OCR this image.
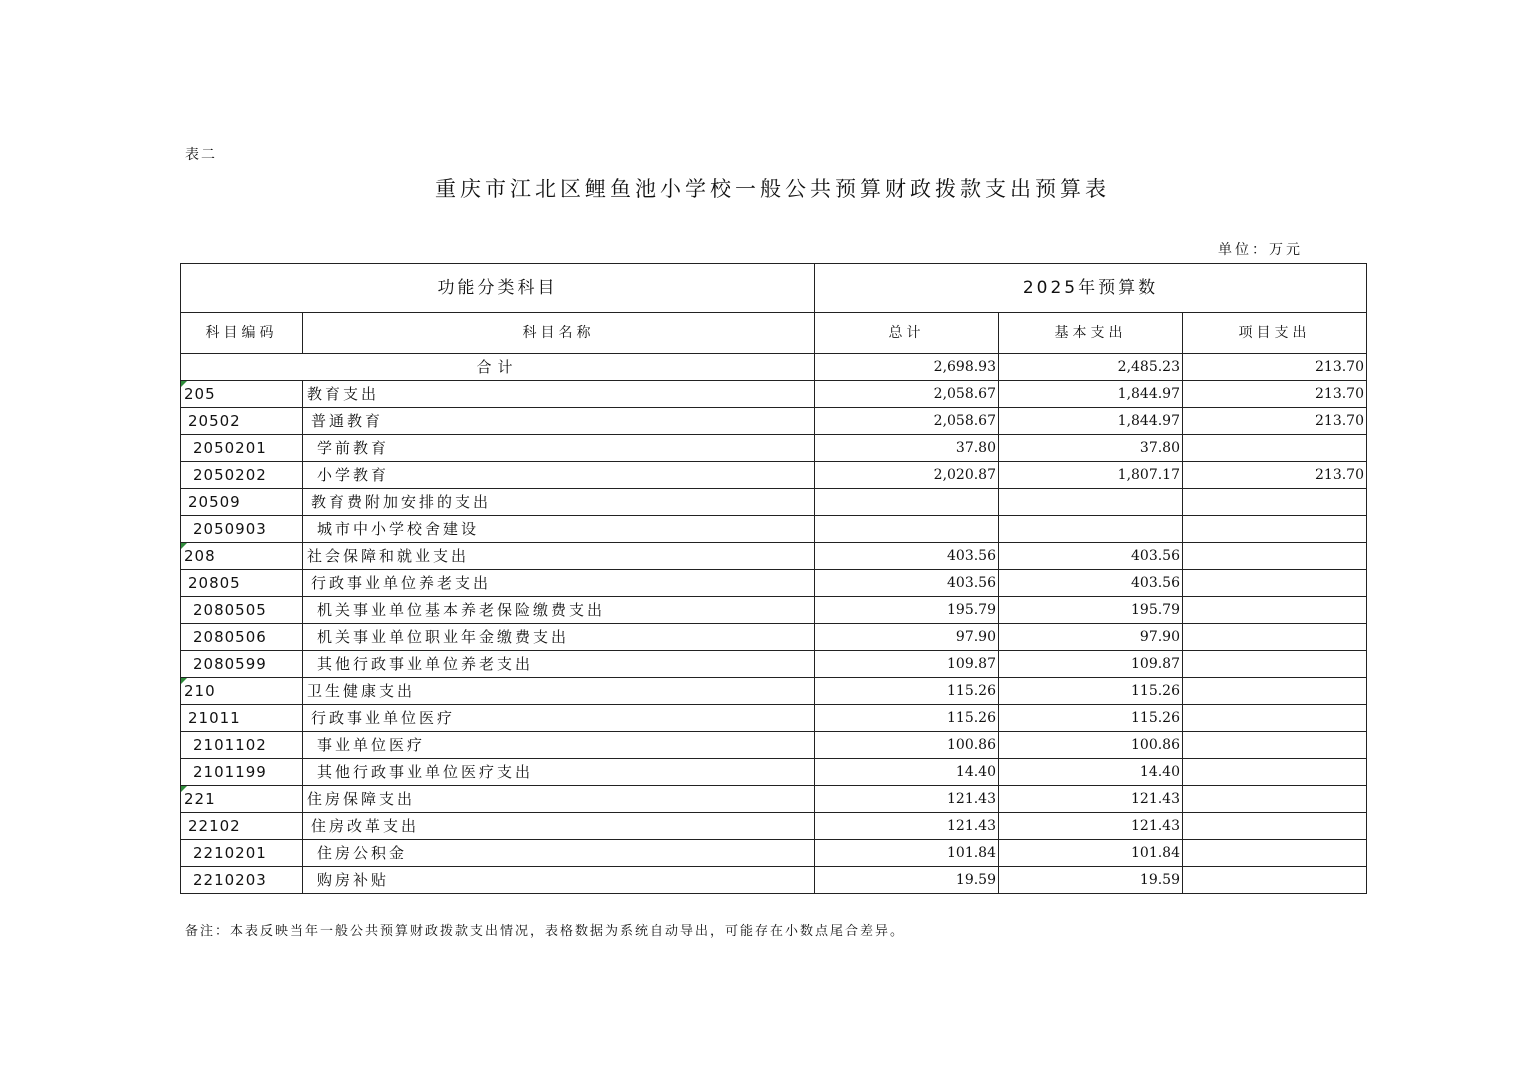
表二
重庆市江北区鲤鱼池小学校一般公共预算财政拨款支出预算表
单位：万元
功能分类科目		2025年预算数		
科目编码	科目名称	总计	基本支出	项目支出
合计		2,698.93	2,485.23	213.70

205	教育支出	2,058.67	1,844.97	213.70
20502	普通教育	2,058.67	1,844.97	213.70
2050201	学前教育	37.80	37.80	
2050202	小学教育	2,020.87	1,807.17	213.70
20509	教育费附加安排的支出			
2050903	城市中小学校舍建设			

208	社会保障和就业支出	403.56	403.56	
20805	行政事业单位养老支出	403.56	403.56	
2080505	机关事业单位基本养老保险缴费支出	195.79	195.79	
2080506	机关事业单位职业年金缴费支出	97.90	97.90	
2080599	其他行政事业单位养老支出	109.87	109.87	

210	卫生健康支出	115.26	115.26	
21011	行政事业单位医疗	115.26	115.26	
2101102	事业单位医疗	100.86	100.86	
2101199	其他行政事业单位医疗支出	14.40	14.40	

221	住房保障支出	121.43	121.43	
22102	住房改革支出	121.43	121.43	
2210201	住房公积金	101.84	101.84	
2210203	购房补贴	19.59	19.59	
备注：本表反映当年一般公共预算财政拨款支出情况，表格数据为系统自动导出，可能存在小数点尾合差异。
